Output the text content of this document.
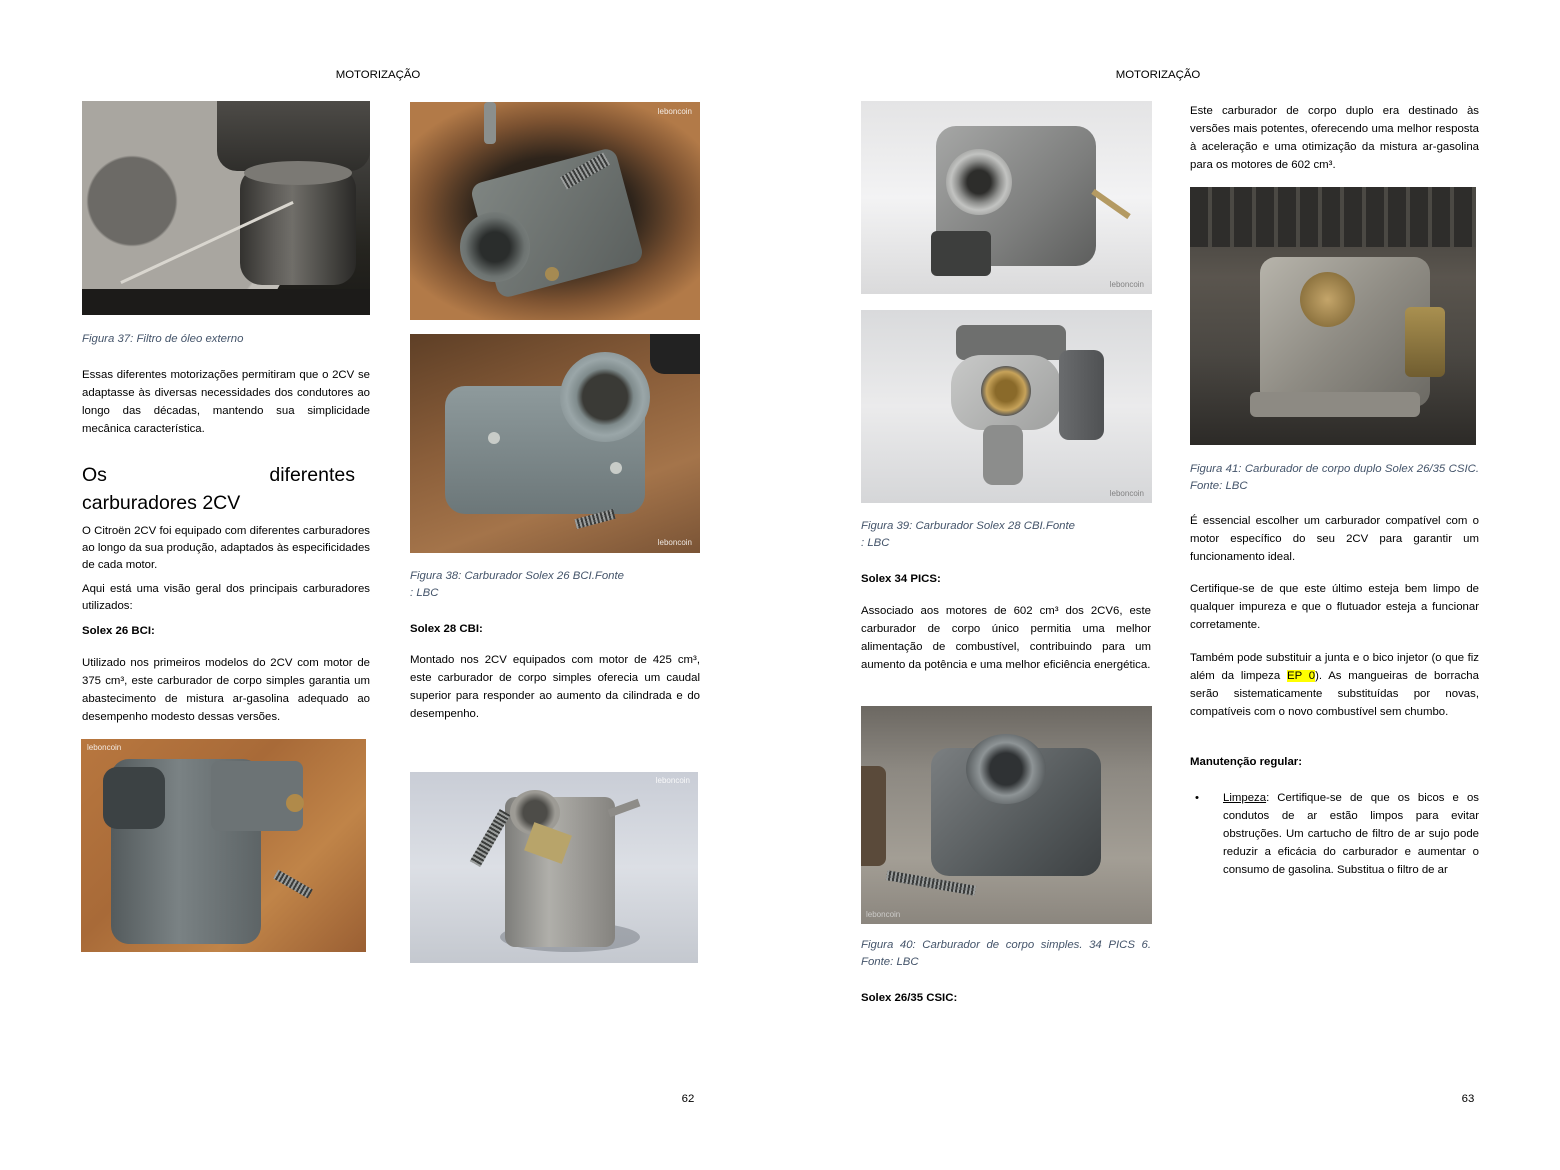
MOTORIZAÇÃO
Figura 37: Filtro de óleo externo

Essas diferentes motorizações permitiram que o 2CV se adaptasse às diversas necessidades dos condutores ao longo das décadas, mantendo sua simplicidade mecânica característica.

Os diferentes
carburadores 2CV

O Citroën 2CV foi equipado com diferentes carburadores ao longo da sua produção, adaptados às especificidades de cada motor.

Aqui está uma visão geral dos principais carburadores utilizados:

Solex 26 BCI:

Utilizado nos primeiros modelos do 2CV com motor de 375 cm³, este carburador de corpo simples garantia um abastecimento de mistura ar-gasolina adequado ao desempenho modesto dessas versões.

leboncoin
leboncoin
leboncoin
Figura 38: Carburador Solex 26 BCI.Fonte
: LBC
Solex 28 CBI:

Montado nos 2CV equipados com motor de 425 cm³, este carburador de corpo simples oferecia um caudal superior para responder ao aumento da cilindrada e do desempenho.

leboncoin
62
MOTORIZAÇÃO
leboncoin
leboncoin
Figura 39: Carburador Solex 28 CBI.Fonte
: LBC
Solex 34 PICS:

Associado aos motores de 602 cm³ dos 2CV6, este carburador de corpo único permitia uma melhor alimentação de combustível, contribuindo para um aumento da potência e uma melhor eficiência energética.

leboncoin
Figura 40: Carburador de corpo simples. 34 PICS 6. Fonte: LBC
Solex 26/35 CSIC:

Este carburador de corpo duplo era destinado às versões mais potentes, oferecendo uma melhor resposta à aceleração e uma otimização da mistura ar-gasolina para os motores de 602 cm³.

Figura 41: Carburador de corpo duplo Solex 26/35 CSIC. Fonte: LBC

É essencial escolher um carburador compatível com o motor específico do seu 2CV para garantir um funcionamento ideal.

Certifique-se de que este último esteja bem limpo de qualquer impureza e que o flutuador esteja a funcionar corretamente.

Também pode substituir a junta e o bico injetor (o que fiz além da limpeza EP 0). As mangueiras de borracha serão sistematicamente substituídas por novas, compatíveis com o novo combustível sem chumbo.

Manutenção regular:
• Limpeza: Certifique-se de que os bicos e os condutos de ar estão limpos para evitar obstruções. Um cartucho de filtro de ar sujo pode reduzir a eficácia do carburador e aumentar o consumo de gasolina. Substitua o filtro de ar

63
